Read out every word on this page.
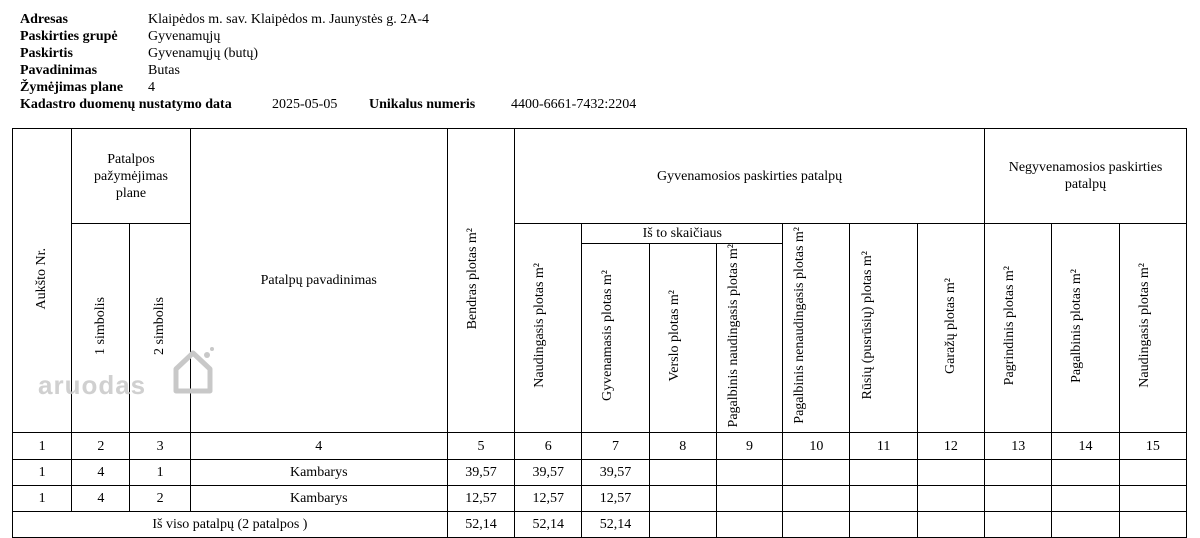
Adresas	Klaipėdos m. sav. Klaipėdos m. Jaunystės g. 2A-4
Paskirties grupė	Gyvenamųjų
Paskirtis	Gyvenamųjų (butų)
Pavadinimas	Butas
Žymėjimas plane	4
Kadastro duomenų nustatymo data	2025-05-05	Unikalus numeris	4400-6661-7432:2204
Aukšto Nr.	Patalpos pažymėjimas plane		Patalpų pavadinimas	Bendras plotas m²	Gyvenamosios paskirties patalpų							Negyvenamosios paskirties patalpų		
	1 simbolis	2 simbolis			Naudingasis plotas m²	Iš to skaičiaus			Pagalbinis nenaudingasis plotas m²	Rūsių (pusrūsių) plotas m²	Garažų plotas m²	Pagrindinis plotas m²	Pagalbinis plotas m²	Naudingasis plotas m²
						Gyvenamasis plotas m²	Verslo plotas m²	Pagalbinis naudingasis plotas m²						
1	2	3	4	5	6	7	8	9	10	11	12	13	14	15
1	4	1	Kambarys	39,57	39,57	39,57								
1	4	2	Kambarys	12,57	12,57	12,57								
Iš viso patalpų (2 patalpos )				52,14	52,14	52,14								
aruodas
